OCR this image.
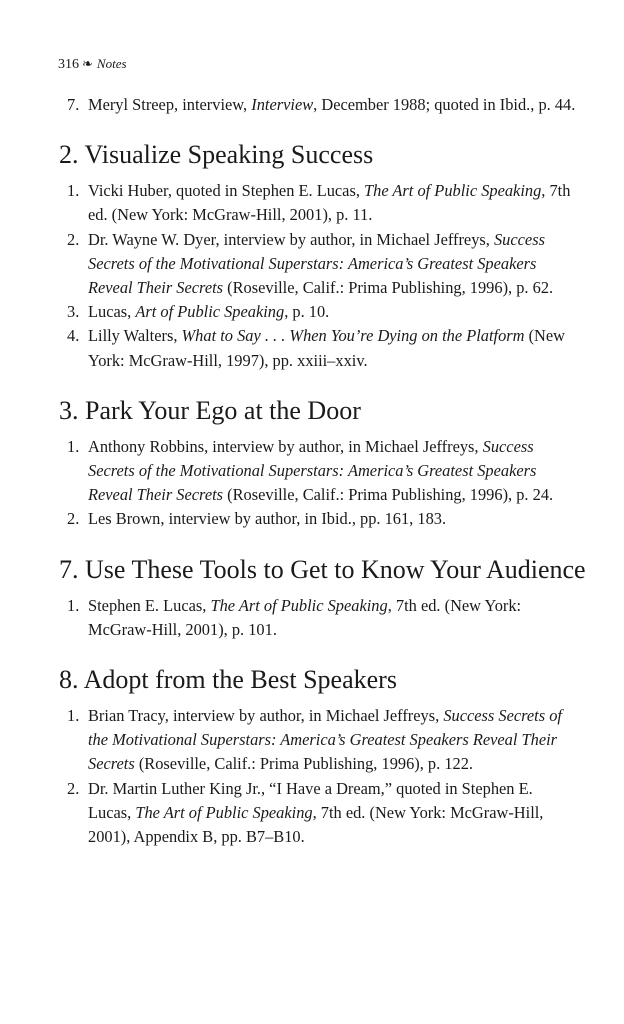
316 ❧ Notes
7. Meryl Streep, interview, Interview, December 1988; quoted in Ibid., p. 44.
2. Visualize Speaking Success
1. Vicki Huber, quoted in Stephen E. Lucas, The Art of Public Speaking, 7th ed. (New York: McGraw-Hill, 2001), p. 11.
2. Dr. Wayne W. Dyer, interview by author, in Michael Jeffreys, Success Secrets of the Motivational Superstars: America’s Greatest Speakers Reveal Their Secrets (Roseville, Calif.: Prima Publishing, 1996), p. 62.
3. Lucas, Art of Public Speaking, p. 10.
4. Lilly Walters, What to Say . . . When You’re Dying on the Platform (New York: McGraw-Hill, 1997), pp. xxiii–xxiv.
3. Park Your Ego at the Door
1. Anthony Robbins, interview by author, in Michael Jeffreys, Success Secrets of the Motivational Superstars: America’s Greatest Speakers Reveal Their Secrets (Roseville, Calif.: Prima Publishing, 1996), p. 24.
2. Les Brown, interview by author, in Ibid., pp. 161, 183.
7. Use These Tools to Get to Know Your Audience
1. Stephen E. Lucas, The Art of Public Speaking, 7th ed. (New York: McGraw-Hill, 2001), p. 101.
8. Adopt from the Best Speakers
1. Brian Tracy, interview by author, in Michael Jeffreys, Success Secrets of the Motivational Superstars: America’s Greatest Speakers Reveal Their Secrets (Roseville, Calif.: Prima Publishing, 1996), p. 122.
2. Dr. Martin Luther King Jr., “I Have a Dream,” quoted in Stephen E. Lucas, The Art of Public Speaking, 7th ed. (New York: McGraw-Hill, 2001), Appendix B, pp. B7–B10.
